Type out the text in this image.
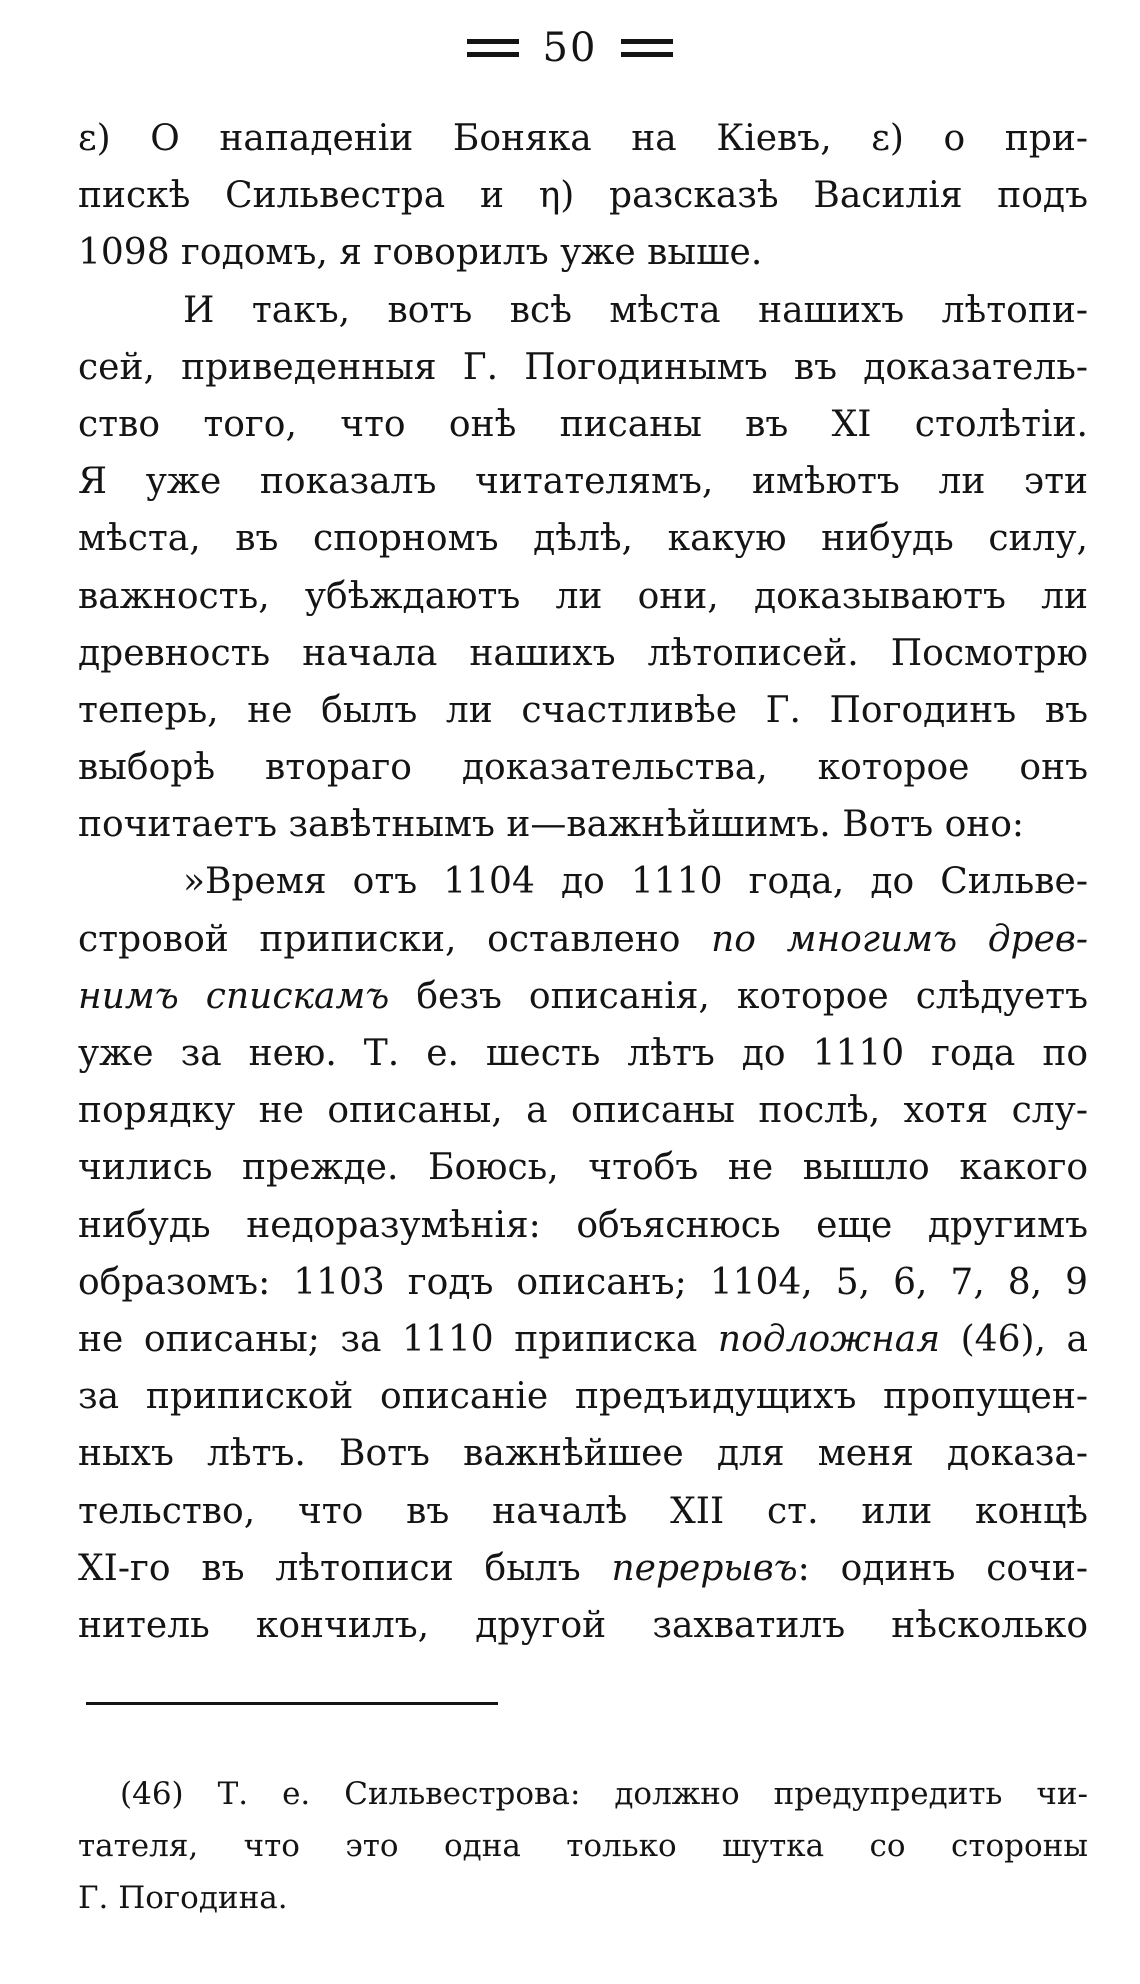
50
ε) О нападенiи Боняка на Кiевъ, ε) о при-
пискѣ Сильвестра и η) разсказѣ Василiя подъ
1098 годомъ, я говорилъ уже выше.
И такъ, вотъ всѣ мѣста нашихъ лѣтопи-
сей, приведенныя Г. Погодинымъ въ доказатель-
ство того, что онѣ писаны въ XI столѣтiи.
Я уже показалъ читателямъ, имѣютъ ли эти
мѣста, въ спорномъ дѣлѣ, какую нибудь силу,
важность, убѣждаютъ ли они, доказываютъ ли
древность начала нашихъ лѣтописей. Посмотрю
теперь, не былъ ли счастливѣе Г. Погодинъ въ
выборѣ втораго доказательства, которое онъ
почитаетъ завѣтнымъ и—важнѣйшимъ. Вотъ оно:
»Время отъ 1104 до 1110 года, до Сильве-
стровой приписки, оставлено по многимъ древ-
нимъ спискамъ безъ описанiя, которое слѣдуетъ
уже за нею. Т. е. шесть лѣтъ до 1110 года по
порядку не описаны, а описаны послѣ, хотя слу-
чились прежде. Боюсь, чтобъ не вышло какого
нибудь недоразумѣнiя: объяснюсь еще другимъ
образомъ: 1103 годъ описанъ; 1104, 5, 6, 7, 8, 9
не описаны; за 1110 приписка подложная (46), а
за припиской описанiе предъидущихъ пропущен-
ныхъ лѣтъ. Вотъ важнѣйшее для меня доказа-
тельство, что въ началѣ XII ст. или концѣ
XI-го въ лѣтописи былъ перерывъ: одинъ сочи-
нитель кончилъ, другой захватилъ нѣсколько
(46) Т. е. Сильвестрова: должно предупредить чи-
тателя, что это одна только шутка со стороны
Г. Погодина.
